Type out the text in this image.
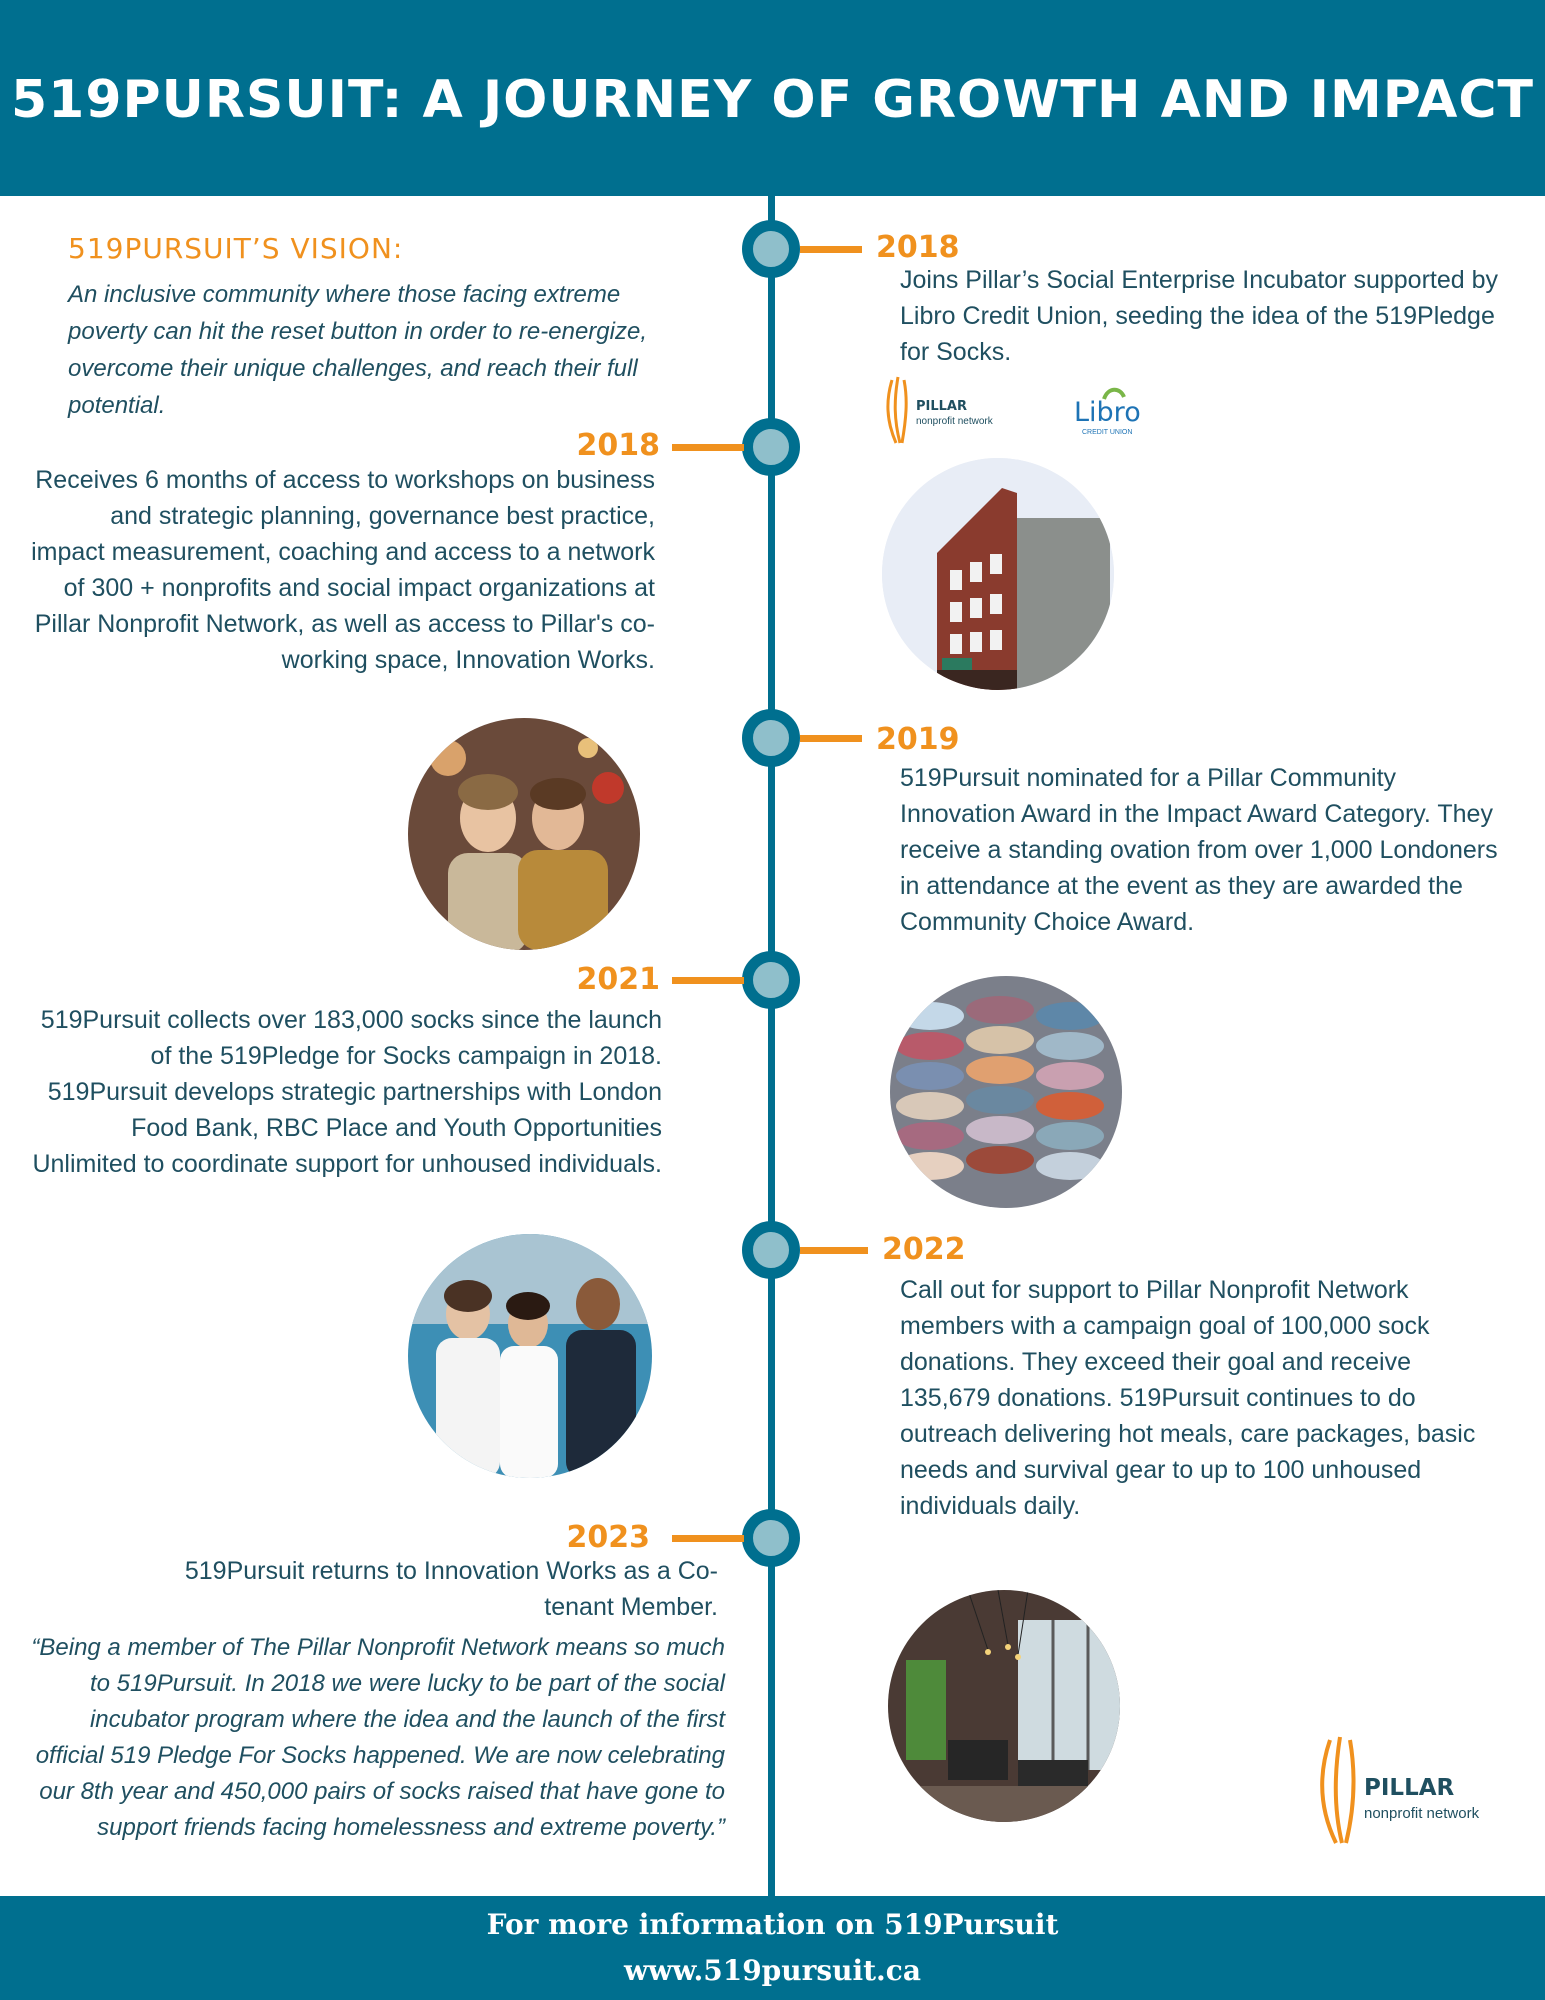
519PURSUIT: A JOURNEY OF GROWTH AND IMPACT
519PURSUIT’S VISION:
An inclusive community where those facing extreme poverty can hit the reset button in order to re-energize, overcome their unique challenges, and reach their full potential.
2018
Joins Pillar’s Social Enterprise Incubator supported by Libro Credit Union, seeding the idea of the 519Pledge for Socks.
PILLAR
nonprofit network	Libro
CREDIT UNION
2018
Receives 6 months of access to workshops on business and strategic planning, governance best practice, impact measurement, coaching and access to a network of 300 + nonprofits and social impact organizations at Pillar Nonprofit Network, as well as access to Pillar's co-working space, Innovation Works.
2019
519Pursuit nominated for a Pillar Community Innovation Award in the Impact Award Category. They receive a standing ovation from over 1,000 Londoners in attendance at the event as they are awarded the Community Choice Award.
2021
519Pursuit collects over 183,000 socks since the launch of the 519Pledge for Socks campaign in 2018. 519Pursuit develops strategic partnerships with London Food Bank, RBC Place and Youth Opportunities Unlimited to coordinate support for unhoused individuals.
2022
Call out for support to Pillar Nonprofit Network members with a campaign goal of 100,000 sock donations. They exceed their goal and receive 135,679 donations. 519Pursuit continues to do outreach delivering hot meals, care packages, basic needs and survival gear to up to 100 unhoused individuals daily.
2023
519Pursuit returns to Innovation Works as a Co-tenant Member.
“Being a member of The Pillar Nonprofit Network means so much to 519Pursuit. In 2018 we were lucky to be part of the social incubator program where the idea and the launch of the first official 519 Pledge For Socks happened. We are now celebrating our 8th year and 450,000 pairs of socks raised that have gone to support friends facing homelessness and extreme poverty.”
PILLAR
nonprofit network
For more information on 519Pursuit
www.519pursuit.ca
